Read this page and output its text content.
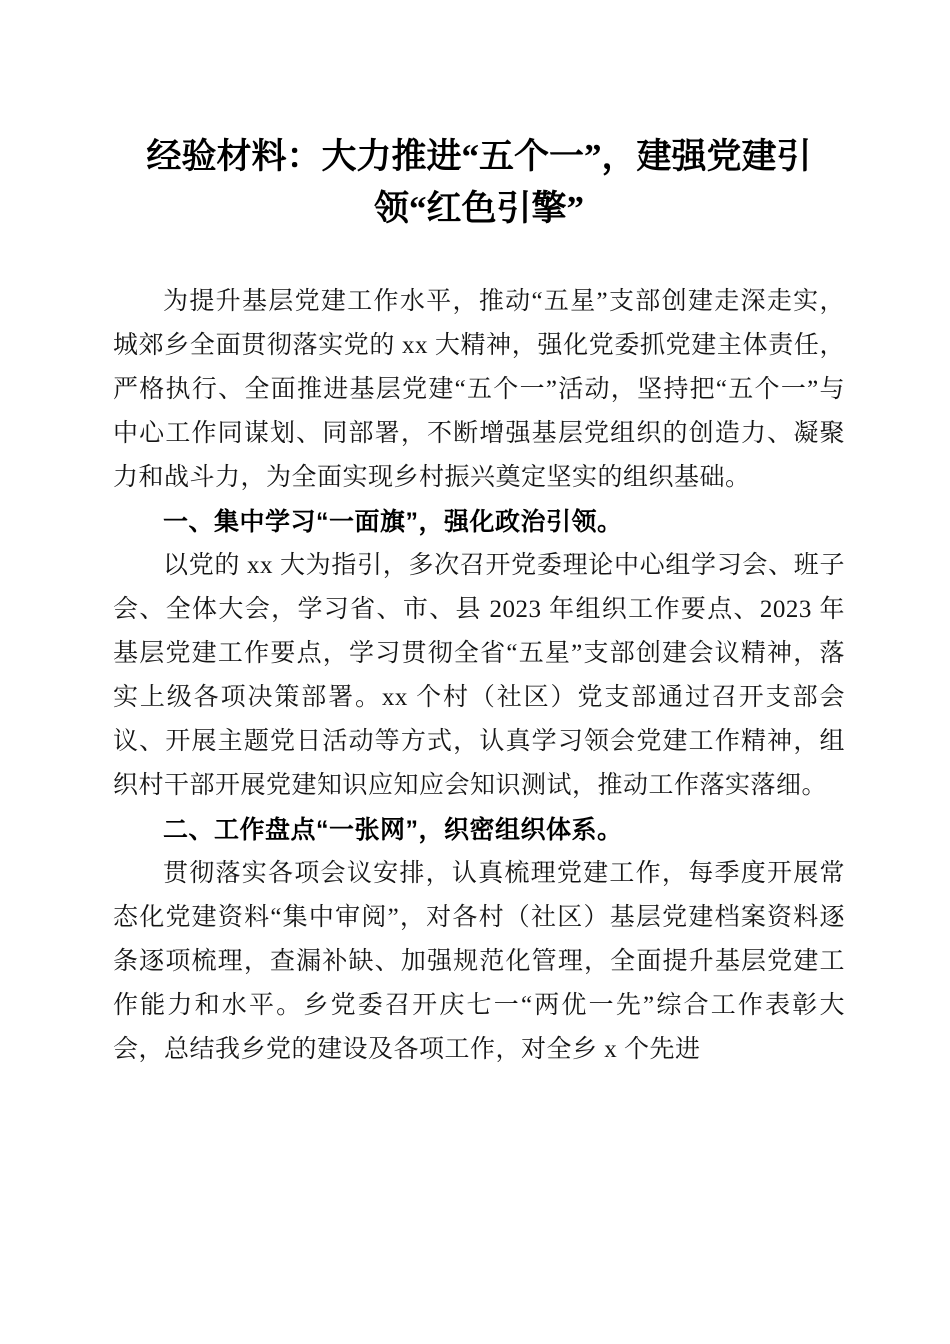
经验材料：大力推进“五个一”，建强党建引领“红色引擎”

为提升基层党建工作水平，推动“五星”支部创建走深走实，城郊乡全面贯彻落实党的 xx 大精神，强化党委抓党建主体责任，严格执行、全面推进基层党建“五个一”活动，坚持把“五个一”与中心工作同谋划、同部署，不断增强基层党组织的创造力、凝聚力和战斗力，为全面实现乡村振兴奠定坚实的组织基础。

一、集中学习“一面旗”，强化政治引领。

以党的 xx 大为指引，多次召开党委理论中心组学习会、班子会、全体大会，学习省、市、县 2023 年组织工作要点、2023 年基层党建工作要点，学习贯彻全省“五星”支部创建会议精神，落实上级各项决策部署。xx 个村（社区）党支部通过召开支部会议、开展主题党日活动等方式，认真学习领会党建工作精神，组织村干部开展党建知识应知应会知识测试，推动工作落实落细。

二、工作盘点“一张网”，织密组织体系。

贯彻落实各项会议安排，认真梳理党建工作，每季度开展常态化党建资料“集中审阅”，对各村（社区）基层党建档案资料逐条逐项梳理，查漏补缺、加强规范化管理，全面提升基层党建工作能力和水平。乡党委召开庆七一“两优一先”综合工作表彰大会，总结我乡党的建设及各项工作，对全乡 x 个先进
